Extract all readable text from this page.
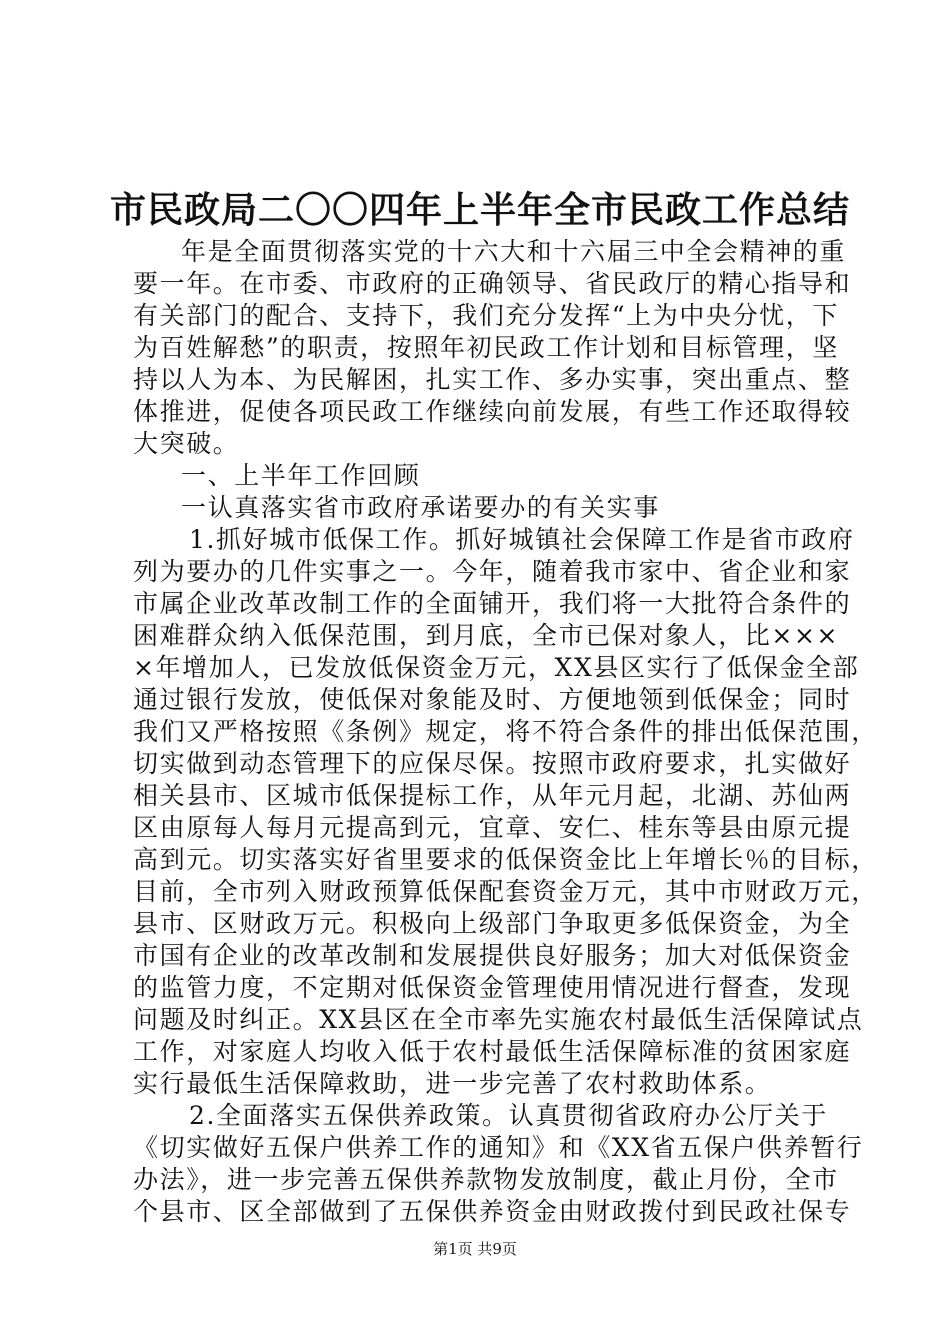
市民政局二〇〇四年上半年全市民政工作总结
年是全面贯彻落实党的十六大和十六届三中全会精神的重
要一年。在市委、市政府的正确领导、省民政厅的精心指导和
有关部门的配合、支持下，我们充分发挥“上为中央分忧，下
为百姓解愁”的职责，按照年初民政工作计划和目标管理，坚
持以人为本、为民解困，扎实工作、多办实事，突出重点、整
体推进，促使各项民政工作继续向前发展，有些工作还取得较
大突破。
一、上半年工作回顾
一认真落实省市政府承诺要办的有关实事
1.抓好城市低保工作。抓好城镇社会保障工作是省市政府
列为要办的几件实事之一。今年，随着我市家中、省企业和家
市属企业改革改制工作的全面铺开，我们将一大批符合条件的
困难群众纳入低保范围，到月底，全市已保对象人，比×××
×年增加人，已发放低保资金万元，XX县区实行了低保金全部
通过银行发放，使低保对象能及时、方便地领到低保金；同时
我们又严格按照《条例》规定，将不符合条件的排出低保范围，
切实做到动态管理下的应保尽保。按照市政府要求，扎实做好
相关县市、区城市低保提标工作，从年元月起，北湖、苏仙两
区由原每人每月元提高到元，宜章、安仁、桂东等县由原元提
高到元。切实落实好省里要求的低保资金比上年增长％的目标，
目前，全市列入财政预算低保配套资金万元，其中市财政万元，
县市、区财政万元。积极向上级部门争取更多低保资金，为全
市国有企业的改革改制和发展提供良好服务；加大对低保资金
的监管力度，不定期对低保资金管理使用情况进行督查，发现
问题及时纠正。XX县区在全市率先实施农村最低生活保障试点
工作，对家庭人均收入低于农村最低生活保障标准的贫困家庭
实行最低生活保障救助，进一步完善了农村救助体系。
2.全面落实五保供养政策。认真贯彻省政府办公厅关于
《切实做好五保户供养工作的通知》和《XX省五保户供养暂行
办法》，进一步完善五保供养款物发放制度，截止月份，全市
个县市、区全部做到了五保供养资金由财政拨付到民政社保专
第1页 共9页
